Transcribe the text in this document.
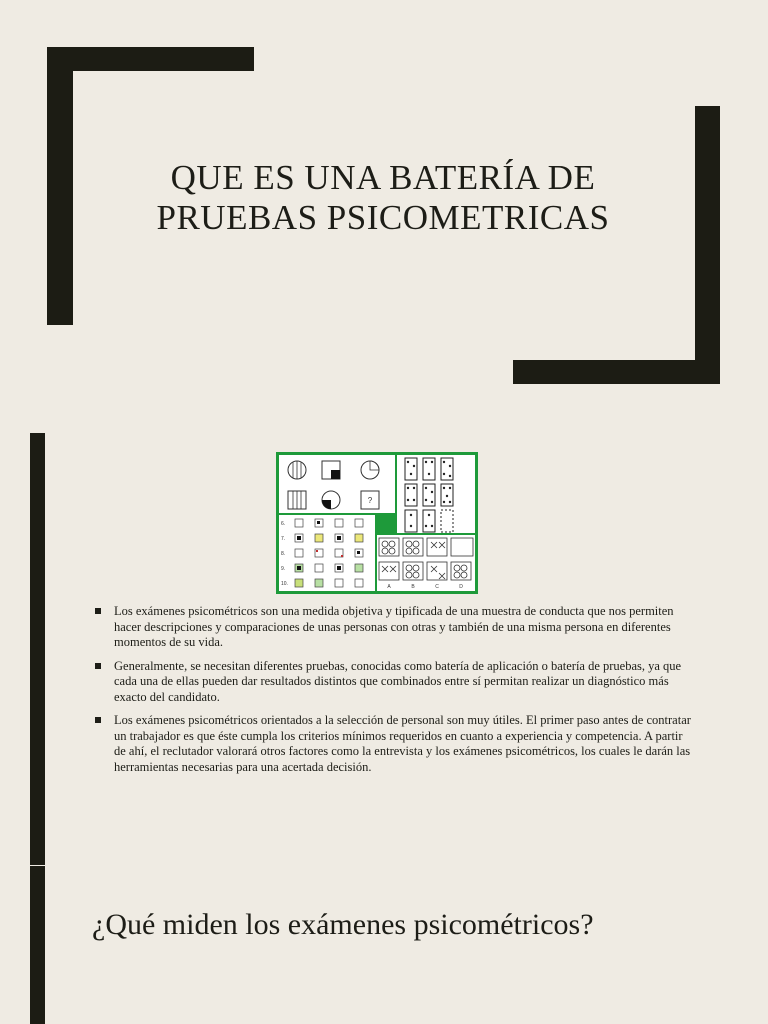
QUE ES UNA BATERÍA DE
PRUEBAS PSICOMETRICAS
?
6.
7.
8.
9.
10.	A	B	C	D
Los exámenes psicométricos son una medida objetiva y tipificada de una muestra de conducta que nos permiten hacer descripciones y comparaciones de unas personas con otras y también de una misma persona en diferentes momentos de su vida.
Generalmente, se necesitan diferentes pruebas, conocidas como batería de aplicación o batería de pruebas, ya que cada una de ellas pueden dar resultados distintos que combinados entre sí permitan realizar un diagnóstico más exacto del candidato.
Los exámenes psicométricos orientados a la selección de personal son muy útiles. El primer paso antes de contratar un trabajador es que éste cumpla los criterios mínimos requeridos en cuanto a experiencia y competencia. A partir de ahí, el reclutador valorará otros factores como la entrevista y los exámenes psicométricos, los cuales le darán las herramientas necesarias para una acertada decisión.
¿Qué miden los exámenes psicométricos?
